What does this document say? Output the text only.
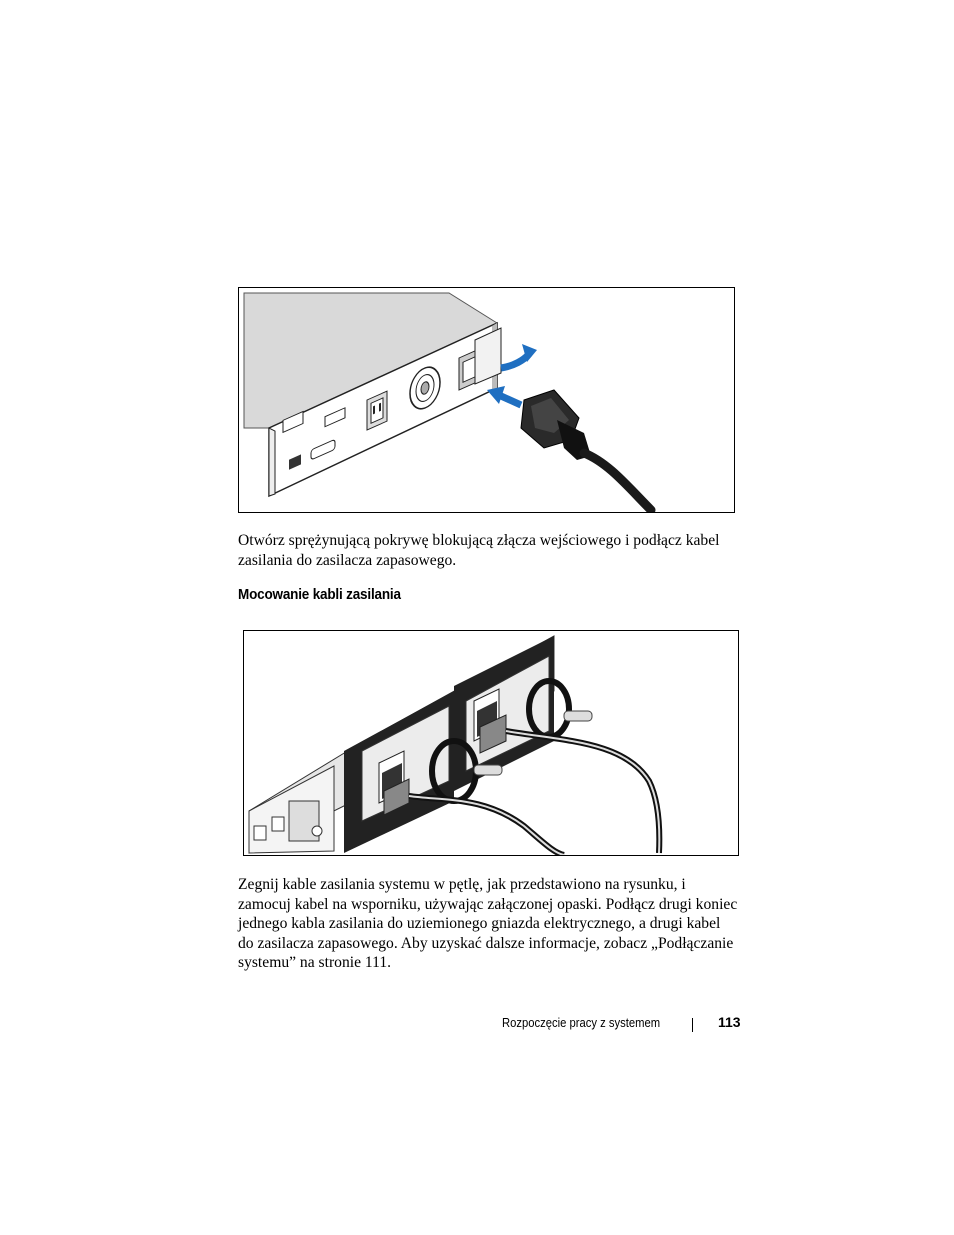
Otwórz sprężynującą pokrywę blokującą złącza wejściowego i podłącz kabel zasilania do zasilacza zapasowego.

Mocowanie kabli zasilania

Zegnij kable zasilania systemu w pętlę, jak przedstawiono na rysunku, i zamocuj kabel na wsporniku, używając załączonej opaski. Podłącz drugi koniec jednego kabla zasilania do uziemionego gniazda elektrycznego, a drugi kabel do zasilacza zapasowego. Aby uzyskać dalsze informacje, zobacz „Podłączanie systemu” na stronie 111.

Rozpoczęcie pracy z systemem	113
